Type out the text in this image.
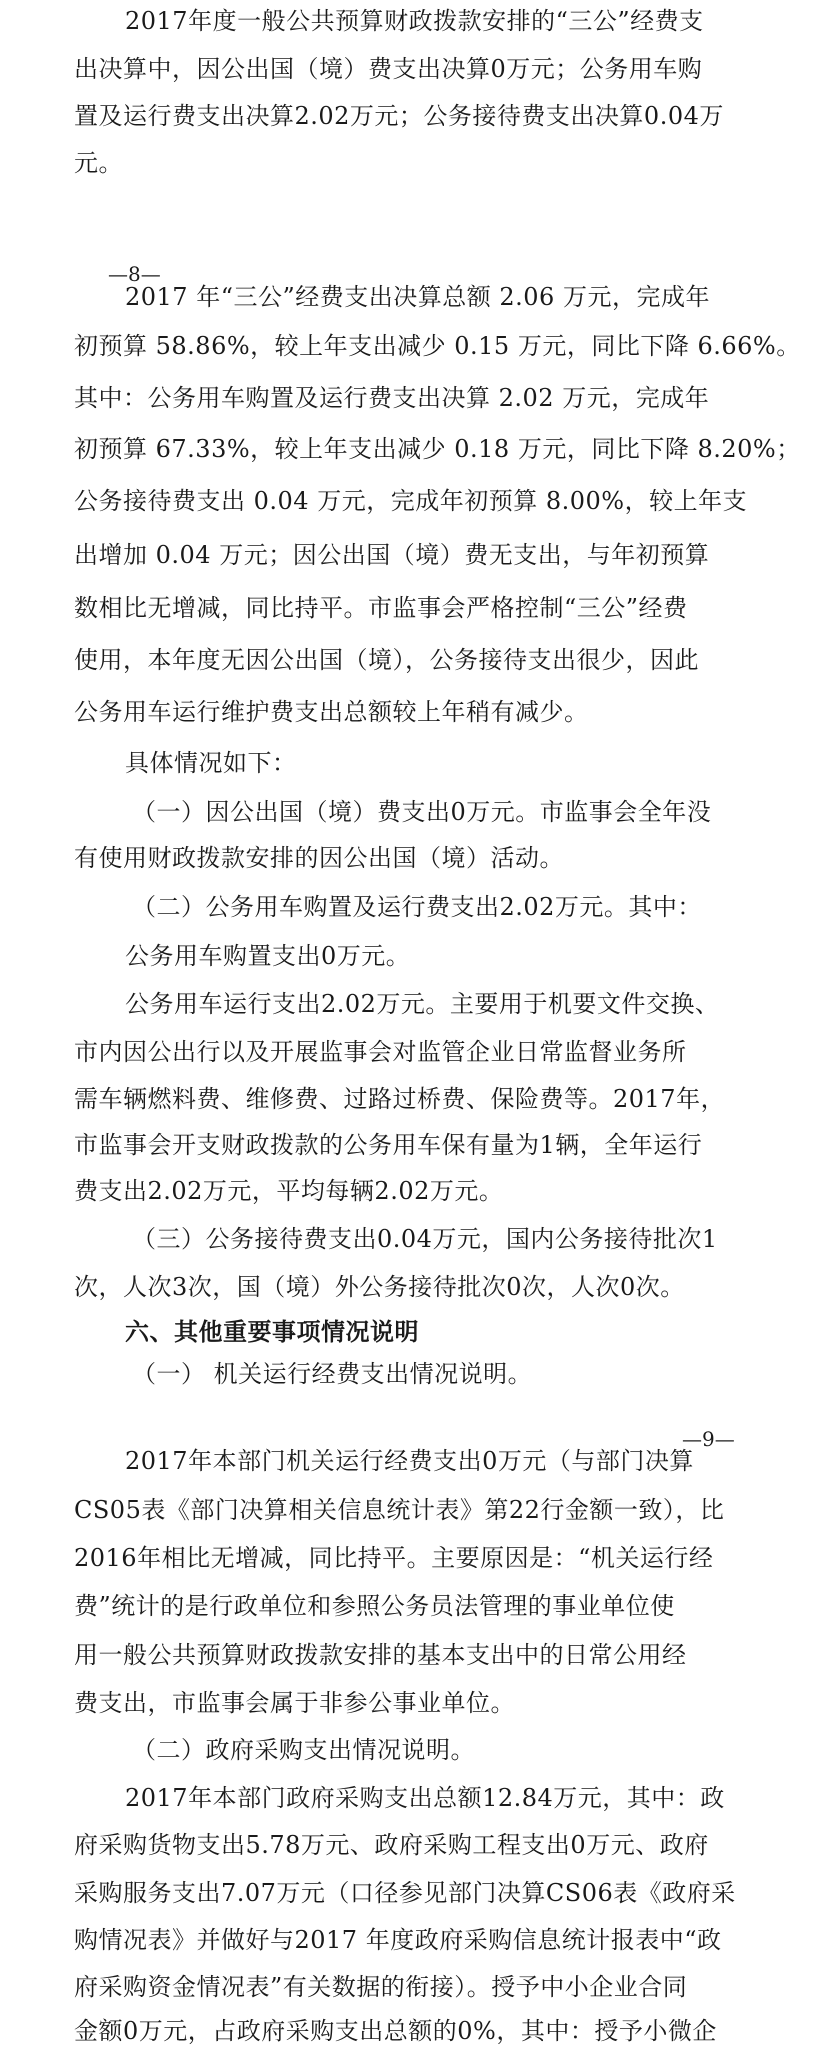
2017年度一般公共预算财政拨款安排的“三公”经费支
出决算中，因公出国（境）费支出决算0万元；公务用车购
置及运行费支出决算2.02万元；公务接待费支出决算0.04万
元。
—8—
2017 年“三公”经费支出决算总额 2.06 万元，完成年
初预算 58.86%，较上年支出减少 0.15 万元，同比下降 6.66%。
其中：公务用车购置及运行费支出决算 2.02 万元，完成年
初预算 67.33%，较上年支出减少 0.18 万元，同比下降 8.20%；
公务接待费支出 0.04 万元，完成年初预算 8.00%，较上年支
出增加 0.04 万元；因公出国（境）费无支出，与年初预算
数相比无增减，同比持平。市监事会严格控制“三公”经费
使用，本年度无因公出国（境），公务接待支出很少，因此
公务用车运行维护费支出总额较上年稍有减少。
具体情况如下：
（一）因公出国（境）费支出0万元。市监事会全年没
有使用财政拨款安排的因公出国（境）活动。
（二）公务用车购置及运行费支出2.02万元。其中：
公务用车购置支出0万元。
公务用车运行支出2.02万元。主要用于机要文件交换、
市内因公出行以及开展监事会对监管企业日常监督业务所
需车辆燃料费、维修费、过路过桥费、保险费等。2017年，
市监事会开支财政拨款的公务用车保有量为1辆，全年运行
费支出2.02万元，平均每辆2.02万元。
（三）公务接待费支出0.04万元，国内公务接待批次1
次，人次3次，国（境）外公务接待批次0次，人次0次。
六、其他重要事项情况说明
（一） 机关运行经费支出情况说明。
—9—
2017年本部门机关运行经费支出0万元（与部门决算
CS05表《部门决算相关信息统计表》第22行金额一致），比
2016年相比无增减，同比持平。主要原因是：“机关运行经
费”统计的是行政单位和参照公务员法管理的事业单位使
用一般公共预算财政拨款安排的基本支出中的日常公用经
费支出，市监事会属于非参公事业单位。
（二）政府采购支出情况说明。
2017年本部门政府采购支出总额12.84万元，其中：政
府采购货物支出5.78万元、政府采购工程支出0万元、政府
采购服务支出7.07万元（口径参见部门决算CS06表《政府采
购情况表》并做好与2017 年度政府采购信息统计报表中“政
府采购资金情况表”有关数据的衔接）。授予中小企业合同
金额0万元，占政府采购支出总额的0%，其中：授予小微企
